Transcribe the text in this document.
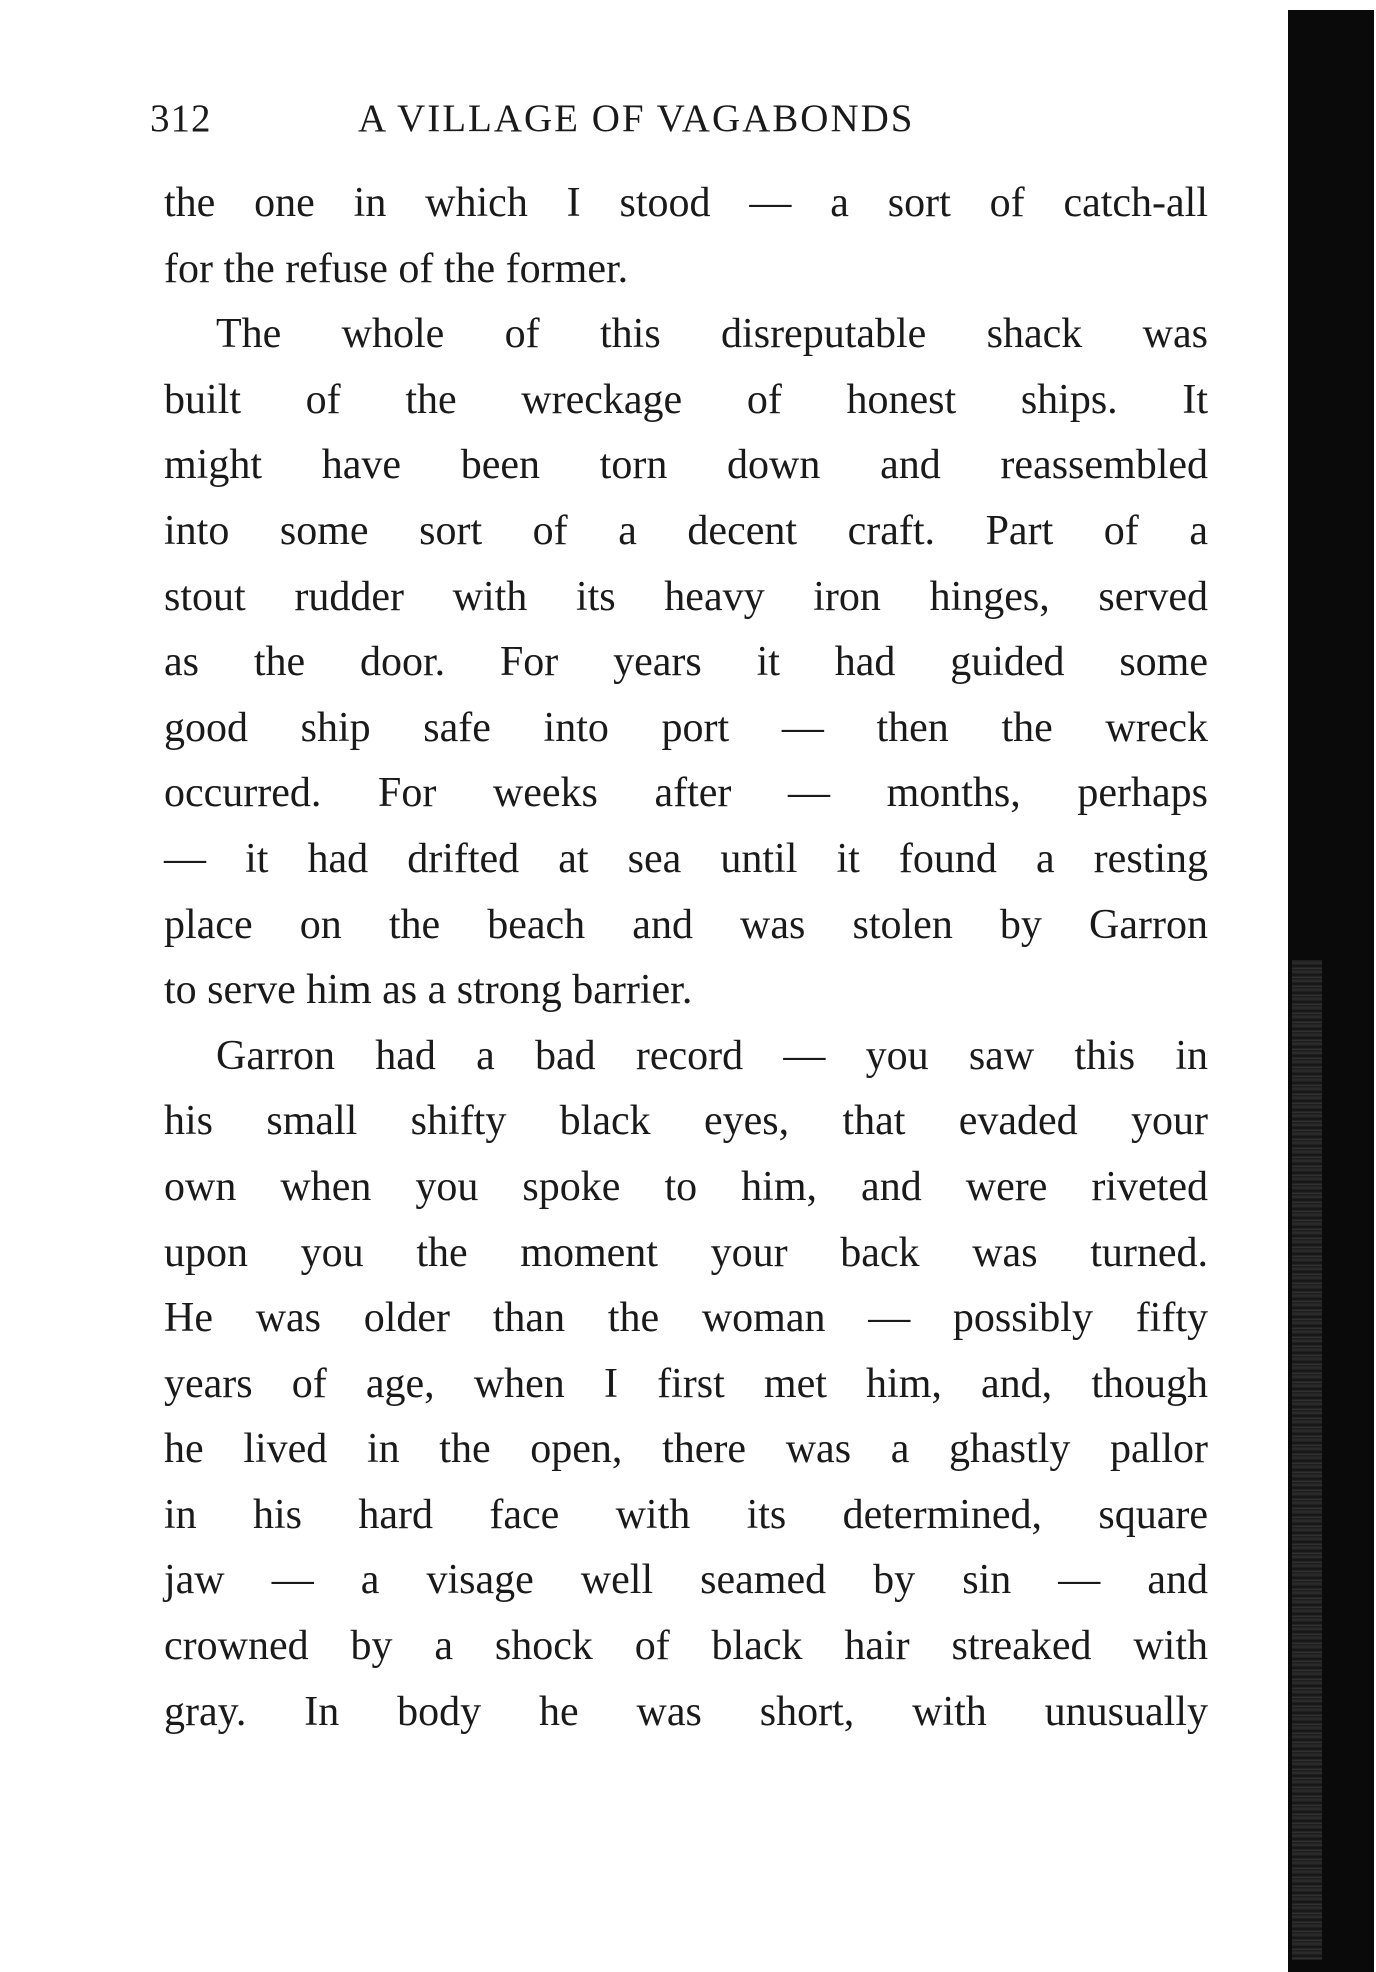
312	A VILLAGE OF VAGABONDS
the one in which I stood — a sort of catch-all
for the refuse of the former.
The whole of this disreputable shack was
built of the wreckage of honest ships. It
might have been torn down and reassembled
into some sort of a decent craft. Part of a
stout rudder with its heavy iron hinges, served
as the door. For years it had guided some
good ship safe into port — then the wreck
occurred. For weeks after — months, perhaps
— it had drifted at sea until it found a resting
place on the beach and was stolen by Garron
to serve him as a strong barrier.
Garron had a bad record — you saw this in
his small shifty black eyes, that evaded your
own when you spoke to him, and were riveted
upon you the moment your back was turned.
He was older than the woman — possibly fifty
years of age, when I first met him, and, though
he lived in the open, there was a ghastly pallor
in his hard face with its determined, square
jaw — a visage well seamed by sin — and
crowned by a shock of black hair streaked with
gray. In body he was short, with unusually
